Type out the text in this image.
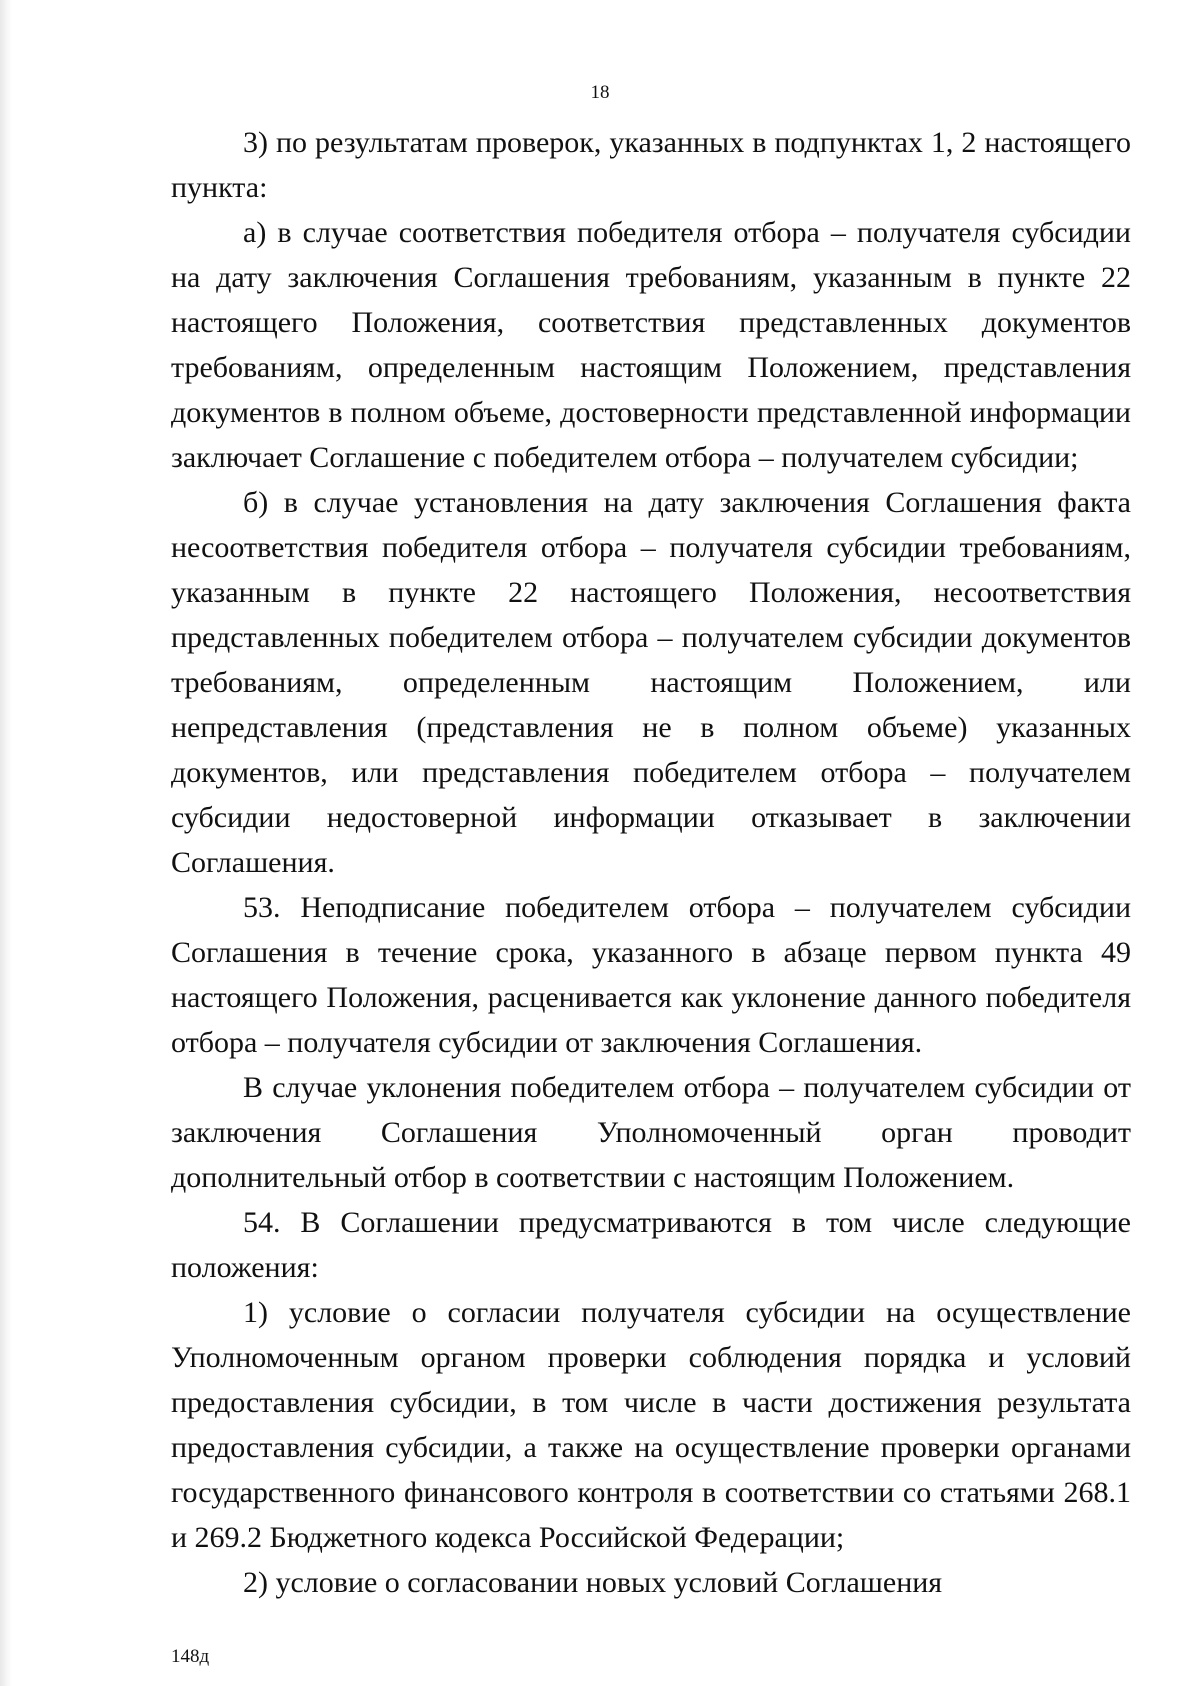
18

3) по результатам проверок, указанных в подпунктах 1, 2 настоящего пункта:

а) в случае соответствия победителя отбора – получателя субсидии на дату заключения Соглашения требованиям, указанным в пункте 22 настоящего Положения, соответствия представленных документов требованиям, определенным настоящим Положением, представления документов в полном объеме, достоверности представленной информации заключает Соглашение с победителем отбора – получателем субсидии;

б) в случае установления на дату заключения Соглашения факта несоответствия победителя отбора – получателя субсидии требованиям, указанным в пункте 22 настоящего Положения, несоответствия представленных победителем отбора – получателем субсидии документов требованиям, определенным настоящим Положением, или непредставления (представления не в полном объеме) указанных документов, или представления победителем отбора – получателем субсидии недостоверной информации отказывает в заключении Соглашения.

53. Неподписание победителем отбора – получателем субсидии Соглашения в течение срока, указанного в абзаце первом пункта 49 настоящего Положения, расценивается как уклонение данного победителя отбора – получателя субсидии от заключения Соглашения.

В случае уклонения победителем отбора – получателем субсидии от заключения Соглашения Уполномоченный орган проводит дополнительный отбор в соответствии с настоящим Положением.

54. В Соглашении предусматриваются в том числе следующие положения:

1) условие о согласии получателя субсидии на осуществление Уполномоченным органом проверки соблюдения порядка и условий предоставления субсидии, в том числе в части достижения результата предоставления субсидии, а также на осуществление проверки органами государственного финансового контроля в соответствии со статьями 268.1 и 269.2 Бюджетного кодекса Российской Федерации;

2) условие о согласовании новых условий Соглашения

148д
